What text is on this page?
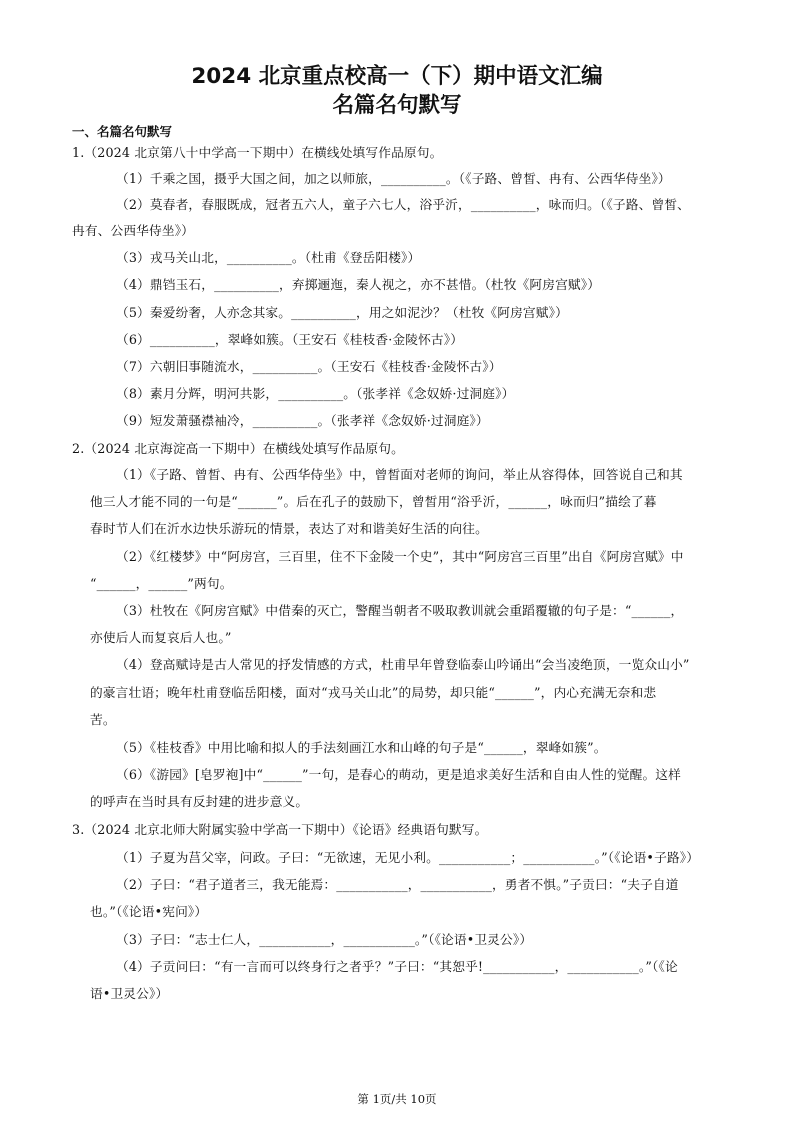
2024 北京重点校高一（下）期中语文汇编
名篇名句默写
一、名篇名句默写
1.（2024 北京第八十中学高一下期中）在横线处填写作品原句。
（1）千乘之国，摄乎大国之间，加之以师旅，__________。（《子路、曾皙、冉有、公西华侍坐》）
（2）莫春者，春服既成，冠者五六人，童子六七人，浴乎沂，__________，咏而归。（《子路、曾皙、
冉有、公西华侍坐》）
（3）戎马关山北，__________。（杜甫《登岳阳楼》）
（4）鼎铛玉石，__________，弃掷逦迤，秦人视之，亦不甚惜。（杜牧《阿房宫赋》）
（5）秦爱纷奢，人亦念其家。__________，用之如泥沙？（杜牧《阿房宫赋》）
（6）__________，翠峰如簇。（王安石《桂枝香·金陵怀古》）
（7）六朝旧事随流水，__________。（王安石《桂枝香·金陵怀古》）
（8）素月分辉，明河共影，__________。（张孝祥《念奴娇·过洞庭》）
（9）短发萧骚襟袖冷，__________。（张孝祥《念奴娇·过洞庭》）
2.（2024 北京海淀高一下期中）在横线处填写作品原句。
（1）《子路、曾皙、冉有、公西华侍坐》中，曾皙面对老师的询问，举止从容得体，回答说自己和其
他三人才能不同的一句是“______”。后在孔子的鼓励下，曾皙用“浴乎沂，______，咏而归”描绘了暮
春时节人们在沂水边快乐游玩的情景，表达了对和谐美好生活的向往。
（2）《红楼梦》中“阿房宫，三百里，住不下金陵一个史”，其中“阿房宫三百里”出自《阿房宫赋》中
“______，______”两句。
（3）杜牧在《阿房宫赋》中借秦的灭亡，警醒当朝者不吸取教训就会重蹈覆辙的句子是：“______，
亦使后人而复哀后人也。”
（4）登高赋诗是古人常见的抒发情感的方式，杜甫早年曾登临泰山吟诵出“会当凌绝顶，一览众山小”
的豪言壮语；晚年杜甫登临岳阳楼，面对“戎马关山北”的局势，却只能“______”，内心充满无奈和悲
苦。
（5）《桂枝香》中用比喻和拟人的手法刻画江水和山峰的句子是“______，翠峰如簇”。
（6）《游园》[皂罗袍]中“______”一句，是春心的萌动，更是追求美好生活和自由人性的觉醒。这样
的呼声在当时具有反封建的进步意义。
3.（2024 北京北师大附属实验中学高一下期中）《论语》经典语句默写。
（1）子夏为莒父宰，问政。子曰：“无欲速，无见小利。___________；___________。”（《论语•子路》）
（2）子曰：“君子道者三，我无能焉：___________，___________，勇者不惧。”子贡曰：“夫子自道
也。”（《论语•宪问》）
（3）子曰：“志士仁人，___________，___________。”（《论语•卫灵公》）
（4）子贡问曰：“有一言而可以终身行之者乎？”子曰：“其恕乎!___________，___________。”（《论
语•卫灵公》）
第 1页/共 10页
